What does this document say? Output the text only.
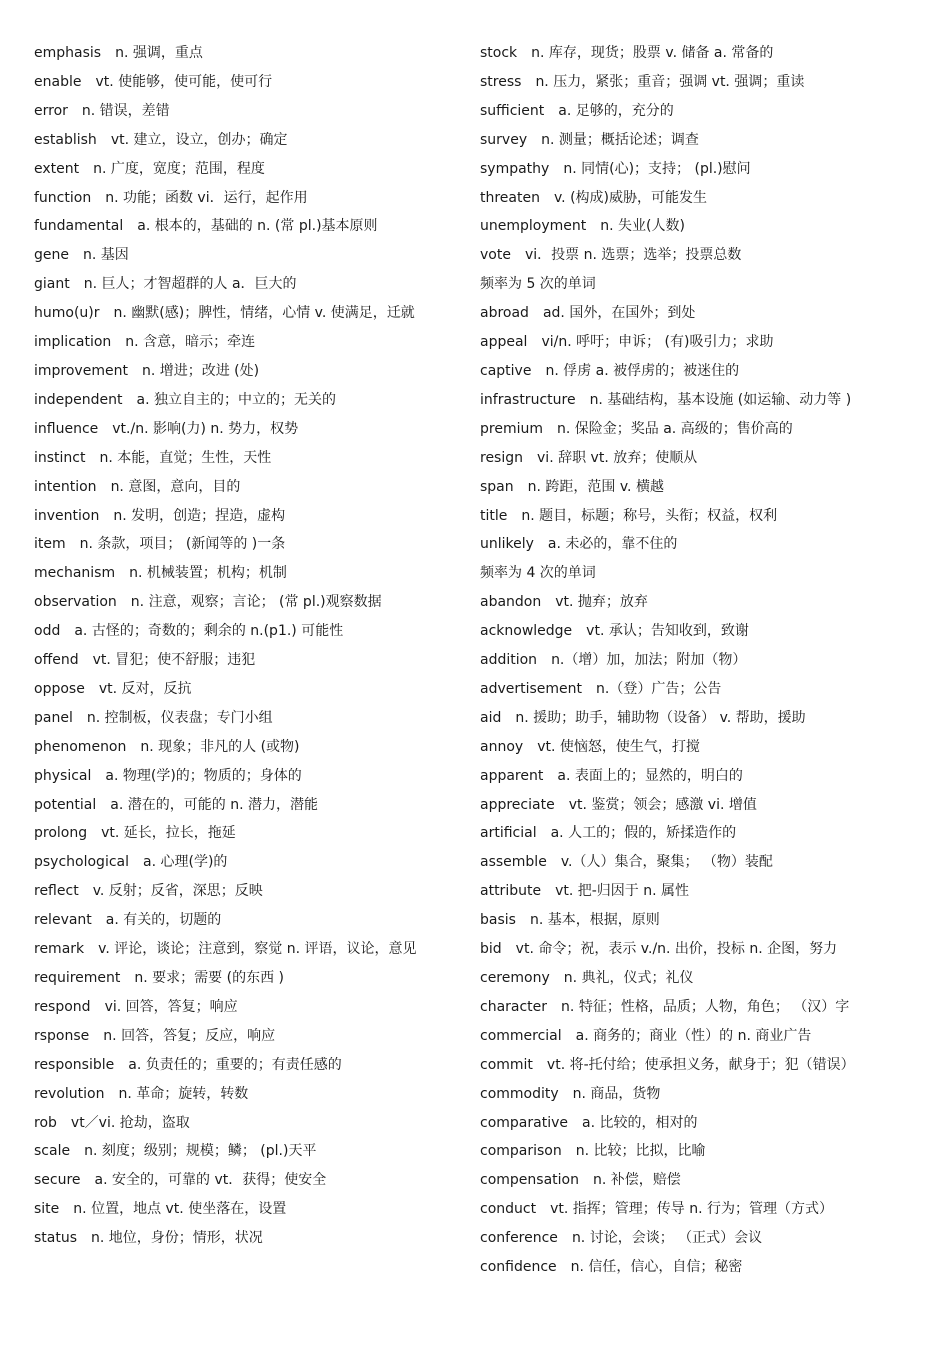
emphasis n. 强调，重点

enable vt. 使能够，使可能，使可行

error n. 错误，差错

establish vt. 建立，设立，创办；确定

extent n. 广度，宽度；范围，程度

function n. 功能；函数 vi．运行，起作用

fundamental a. 根本的，基础的 n. (常 pl.)基本原则

gene n. 基因

giant n. 巨人；才智超群的人 a．巨大的

humo(u)r n. 幽默(感)；脾性，情绪，心情 v. 使满足，迁就

implication n. 含意，暗示；牵连

improvement n. 增进；改进 (处)

independent a. 独立自主的；中立的；无关的

influence vt./n. 影响(力) n. 势力，权势

instinct n. 本能，直觉；生性，天性

intention n. 意图，意向，目的

invention n. 发明，创造；捏造，虚构

item n. 条款，项目； (新闻等的 )一条

mechanism n. 机械装置；机构；机制

observation n. 注意，观察；言论； (常 pl.)观察数据

odd a. 古怪的；奇数的；剩余的 n.(p1.) 可能性

offend vt. 冒犯；使不舒服；违犯

oppose vt. 反对，反抗

panel n. 控制板，仪表盘；专门小组

phenomenon n. 现象；非凡的人 (或物)

physical a. 物理(学)的；物质的；身体的

potential a. 潜在的，可能的 n. 潜力，潜能

prolong vt. 延长，拉长，拖延

psychological a. 心理(学)的

reflect v. 反射；反省，深思；反映

relevant a. 有关的，切题的

remark v. 评论，谈论；注意到，察觉 n. 评语，议论，意见

requirement n. 要求；需要 (的东西 )

respond vi. 回答，答复；响应

rsponse n. 回答，答复；反应，响应

responsible a. 负责任的；重要的；有责任感的

revolution n. 革命；旋转，转数

rob vt／vi. 抢劫，盗取

scale n. 刻度；级别；规模；鳞； (pl.)天平

secure a. 安全的，可靠的 vt．获得；使安全

site n. 位置，地点 vt. 使坐落在，设置

status n. 地位，身份；情形，状况

stock n. 库存，现货；股票 v. 储备 a. 常备的

stress n. 压力，紧张；重音；强调 vt. 强调；重读

sufficient a. 足够的，充分的

survey n. 测量；概括论述；调查

sympathy n. 同情(心)；支持； (pl.)慰问

threaten v. (构成)威胁，可能发生

unemployment n. 失业(人数)

vote vi．投票 n. 选票；选举；投票总数

频率为 5 次的单词

abroad ad. 国外，在国外；到处

appeal vi/n. 呼吁；申诉； (有)吸引力；求助

captive n. 俘虏 a. 被俘虏的；被迷住的

infrastructure n. 基础结构，基本设施 (如运输、动力等 )

premium n. 保险金；奖品 a. 高级的；售价高的

resign vi. 辞职 vt. 放弃；使顺从

span n. 跨距，范围 v. 横越

title n. 题目，标题；称号，头衔；权益，权利

unlikely a. 未必的，靠不住的

频率为 4 次的单词

abandon vt. 抛弃；放弃

acknowledge vt. 承认；告知收到，致谢

addition n.（增）加，加法；附加（物）

advertisement n.（登）广告；公告

aid n. 援助；助手，辅助物（设备） v. 帮助，援助

annoy vt. 使恼怒，使生气，打搅

apparent a. 表面上的；显然的，明白的

appreciate vt. 鉴赏；领会；感激 vi. 增值

artificial a. 人工的；假的，矫揉造作的

assemble v.（人）集合，聚集； （物）装配

attribute vt. 把-归因于 n. 属性

basis n. 基本，根据，原则

bid vt. 命令；祝，表示 v./n. 出价，投标 n. 企图，努力

ceremony n. 典礼，仪式；礼仪

character n. 特征；性格，品质；人物，角色； （汉）字

commercial a. 商务的；商业（性）的 n. 商业广告

commit vt. 将-托付给；使承担义务，献身于；犯（错误）

commodity n. 商品，货物

comparative a. 比较的，相对的

comparison n. 比较；比拟，比喻

compensation n. 补偿，赔偿

conduct vt. 指挥；管理；传导 n. 行为；管理（方式）

conference n. 讨论，会谈； （正式）会议

confidence n. 信任，信心，自信；秘密
